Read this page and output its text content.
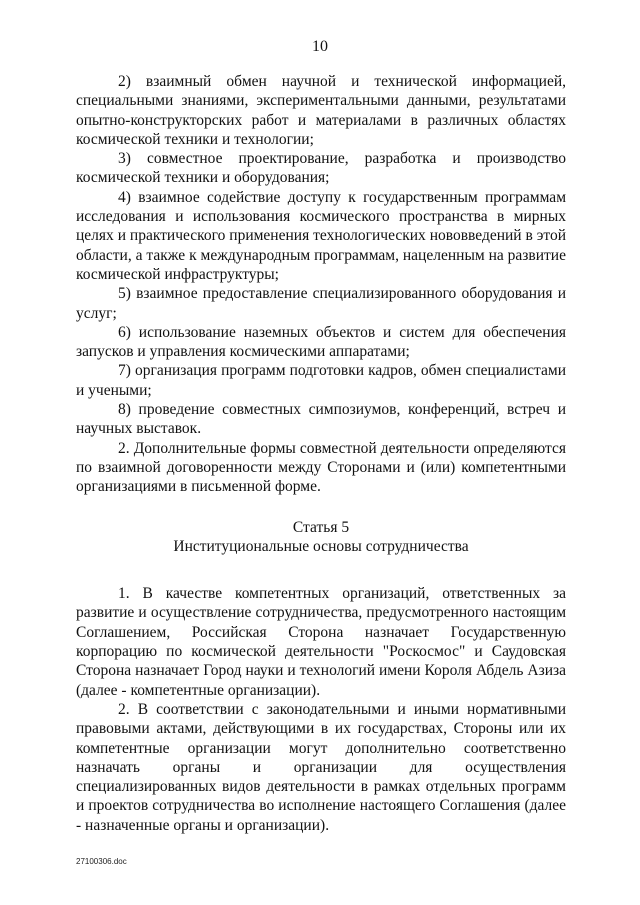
10

2) взаимный обмен научной и технической информацией, специальными знаниями, экспериментальными данными, результатами опытно-конструкторских работ и материалами в различных областях космической техники и технологии;

3) совместное проектирование, разработка и производство космической техники и оборудования;

4) взаимное содействие доступу к государственным программам исследования и использования космического пространства в мирных целях и практического применения технологических нововведений в этой области, а также к международным программам, нацеленным на развитие космической инфраструктуры;

5) взаимное предоставление специализированного оборудования и услуг;

6) использование наземных объектов и систем для обеспечения запусков и управления космическими аппаратами;

7) организация программ подготовки кадров, обмен специалистами и учеными;

8) проведение совместных симпозиумов, конференций, встреч и научных выставок.

2. Дополнительные формы совместной деятельности определяются по взаимной договоренности между Сторонами и (или) компетентными организациями в письменной форме.

Статья 5
Институциональные основы сотрудничества

1. В качестве компетентных организаций, ответственных за развитие и осуществление сотрудничества, предусмотренного настоящим Соглашением, Российская Сторона назначает Государственную корпорацию по космической деятельности "Роскосмос" и Саудовская Сторона назначает Город науки и технологий имени Короля Абдель Азиза (далее - компетентные организации).

2. В соответствии с законодательными и иными нормативными правовыми актами, действующими в их государствах, Стороны или их компетентные организации могут дополнительно соответственно назначать органы и организации для осуществления специализированных видов деятельности в рамках отдельных программ и проектов сотрудничества во исполнение настоящего Соглашения (далее - назначенные органы и организации).

27100306.doc
